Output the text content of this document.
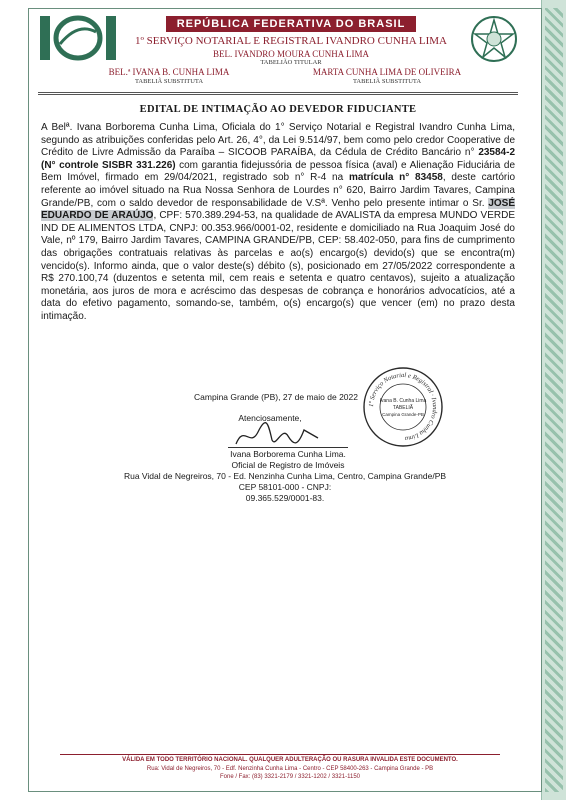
REPÚBLICA FEDERATIVA DO BRASIL
1º SERVIÇO NOTARIAL E REGISTRAL IVANDRO CUNHA LIMA
BEL. IVANDRO MOURA CUNHA LIMA
TABELIÃO TITULAR
BEL.ª IVANA B. CUNHA LIMA
TABELIÃ SUBSTITUTA
MARTA CUNHA LIMA DE OLIVEIRA
TABELIÃ SUBSTITUTA
EDITAL DE INTIMAÇÃO AO DEVEDOR FIDUCIANTE
A Belª. Ivana Borborema Cunha Lima, Oficiala do 1° Serviço Notarial e Registral Ivandro Cunha Lima, segundo as atribuições conferidas pelo Art. 26, 4°, da Lei 9.514/97, bem como pelo credor Cooperative de Crédito de Livre Admissão da Paraíba – SICOOB PARAÍBA, da Cédula de Crédito Bancário n° 23584-2 (N° controle SISBR 331.226) com garantia fidejussória de pessoa física (aval) e Alienação Fiduciária de Bem Imóvel, firmado em 29/04/2021, registrado sob n° R-4 na matrícula n° 83458, deste cartório referente ao imóvel situado na Rua Nossa Senhora de Lourdes n° 620, Bairro Jardim Tavares, Campina Grande/PB, com o saldo devedor de responsabilidade de V.Sª. Venho pelo presente intimar o Sr. JOSÉ EDUARDO DE ARAÚJO, CPF: 570.389.294-53, na qualidade de AVALISTA da empresa MUNDO VERDE IND DE ALIMENTOS LTDA, CNPJ: 00.353.966/0001-02, residente e domiciliado na Rua Joaquim José do Vale, nº 179, Bairro Jardim Tavares, CAMPINA GRANDE/PB, CEP: 58.402-050, para fins de cumprimento das obrigações contratuais relativas às parcelas e ao(s) encargo(s) devido(s) que se encontra(m) vencido(s). Informo ainda, que o valor deste(s) débito (s), posicionado em 27/05/2022 correspondente a R$ 270.100,74 (duzentos e setenta mil, cem reais e setenta e quatro centavos), sujeito a atualização monetária, aos juros de mora e acréscimo das despesas de cobrança e honorários advocatícios, até a data do efetivo pagamento, somando-se, também, o(s) encargo(s) que vencer (em) no prazo desta intimação.
Campina Grande (PB), 27 de maio de 2022
Atenciosamente,
Ivana Borborema Cunha Lima.
Oficial de Registro de Imóveis
1º Serviço Notarial e Registral · Ivandro Cunha Lima
Ivana B. Cunha Lima
TABELIÃ
Campina Grande-PB
Rua Vidal de Negreiros, 70 - Ed. Nenzinha Cunha Lima, Centro, Campina Grande/PB
CEP 58101-000 - CNPJ:
09.365.529/0001-83.
VÁLIDA EM TODO TERRITÓRIO NACIONAL. QUALQUER ADULTERAÇÃO OU RASURA INVALIDA ESTE DOCUMENTO.
Rua: Vidal de Negreiros, 70 - Edf. Nenzinha Cunha Lima - Centro - CEP 58400-263 - Campina Grande - PB
Fone / Fax: (83) 3321-2179 / 3321-1202 / 3321-1150
